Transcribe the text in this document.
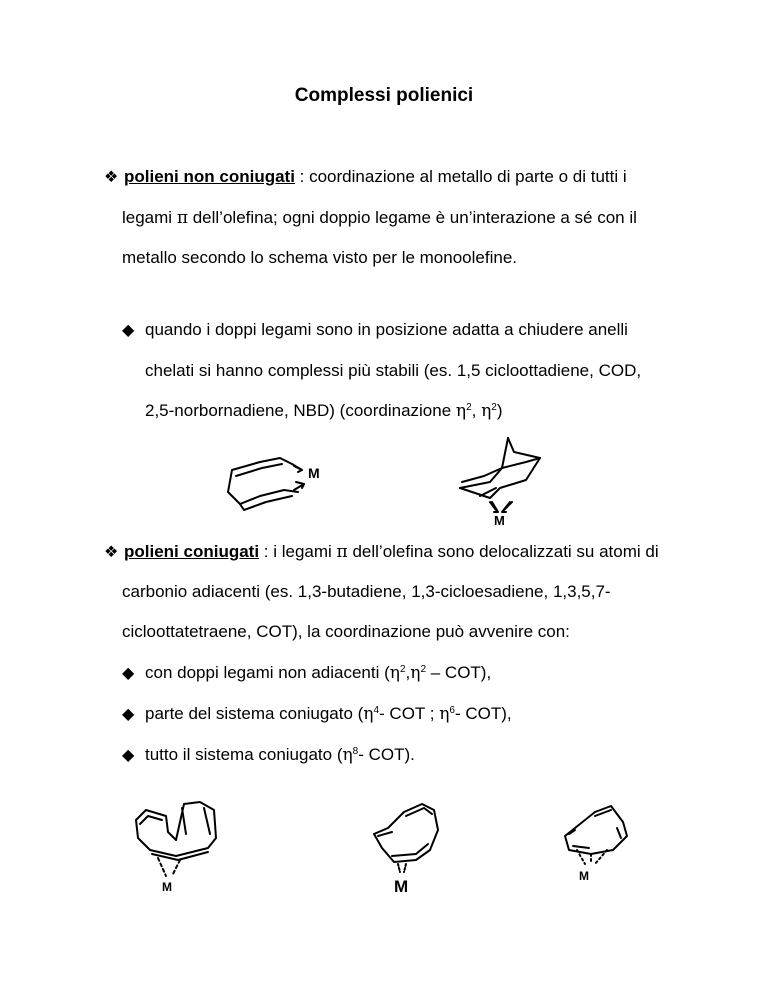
Complessi polienici
❖ polieni non coniugati : coordinazione al metallo di parte o di tutti i
legami π dell’olefina; ogni doppio legame è un’interazione a sé con il
metallo secondo lo schema visto per le monoolefine.
◆ quando i doppi legami sono in posizione adatta a chiudere anelli
chelati si hanno complessi più stabili (es. 1,5 cicloottadiene, COD,
2,5-norbornadiene, NBD) (coordinazione $\eta^2$, $\eta^2$)
M
M
❖ polieni coniugati : i legami π dell’olefina sono delocalizzati su atomi di
carbonio adiacenti (es. 1,3-butadiene, 1,3-cicloesadiene, 1,3,5,7-
cicloottatetraene, COT), la coordinazione può avvenire con:
◆ con doppi legami non adiacenti $(\eta^2,\eta^2 - COT)$,
◆ parte del sistema coniugato ($\eta^4-$ COT ; $\eta^6-$ COT),
◆ tutto il sistema coniugato ($\eta^8-$ COT).
M	M
M
